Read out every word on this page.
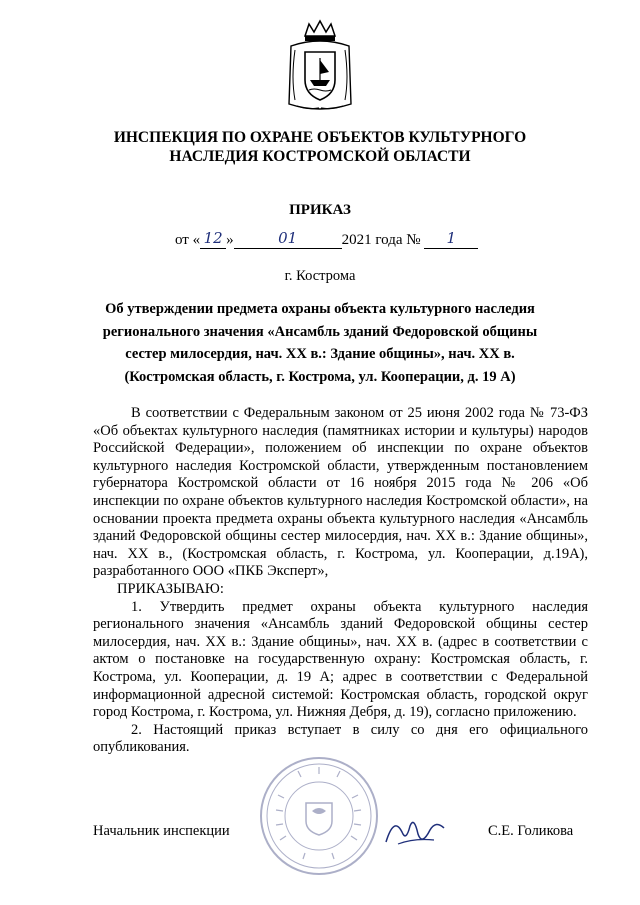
ИНСПЕКЦИЯ ПО ОХРАНЕ ОБЪЕКТОВ КУЛЬТУРНОГО
НАСЛЕДИЯ КОСТРОМСКОЙ ОБЛАСТИ
ПРИКАЗ
от « 12 »	01	2021 года № 1
г. Кострома
Об утверждении предмета охраны объекта культурного наследия
регионального значения «Ансамбль зданий Федоровской общины
сестер милосердия, нач. XX в.: Здание общины», нач. XX в.
(Костромская область, г. Кострома, ул. Кооперации, д. 19 А)

В соответствии с Федеральным законом от 25 июня 2002 года № 73-ФЗ «Об объектах культурного наследия (памятниках истории и культуры) народов Российской Федерации», положением об инспекции по охране объектов культурного наследия Костромской области, утвержденным постановлением губернатора Костромской области от 16 ноября 2015 года № 206 «Об инспекции по охране объектов культурного наследия Костромской области», на основании проекта предмета охраны объекта культурного наследия «Ансамбль зданий Федоровской общины сестер милосердия, нач. XX в.: Здание общины», нач. XX в., (Костромская область, г. Кострома, ул. Кооперации, д.19А), разработанного ООО «ПКБ Эксперт»,

ПРИКАЗЫВАЮ:

1. Утвердить предмет охраны объекта культурного наследия регионального значения «Ансамбль зданий Федоровской общины сестер милосердия, нач. XX в.: Здание общины», нач. XX в. (адрес в соответствии с актом о постановке на государственную охрану: Костромская область, г. Кострома, ул. Кооперации, д. 19 А; адрес в соответствии с Федеральной информационной адресной системой: Костромская область, городской округ город Кострома, г. Кострома, ул. Нижняя Дебря, д. 19), согласно приложению.

2. Настоящий приказ вступает в силу со дня его официального опубликования.

Начальник инспекции	С.Е. Голикова
